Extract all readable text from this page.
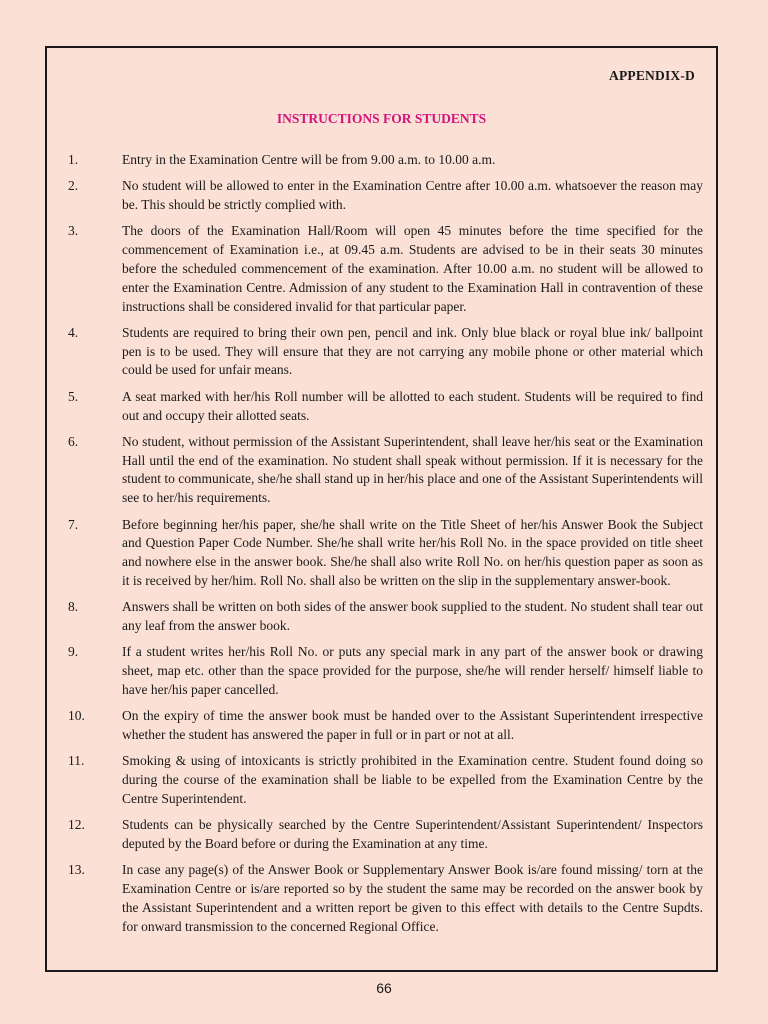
APPENDIX-D
INSTRUCTIONS FOR STUDENTS
1.	Entry in the Examination Centre will be from 9.00 a.m. to 10.00 a.m.
2.	No student will be allowed to enter in the Examination Centre after 10.00 a.m. whatsoever the reason may be. This should be strictly complied with.
3.	The doors of the Examination Hall/Room will open 45 minutes before the time specified for the commencement of Examination i.e., at 09.45 a.m. Students are advised to be in their seats 30 minutes before the scheduled commencement of the examination. After 10.00 a.m. no student will be allowed to enter the Examination Centre. Admission of any student to the Examination Hall in contravention of these instructions shall be considered invalid for that particular paper.
4.	Students are required to bring their own pen, pencil and ink. Only blue black or royal blue ink/ ballpoint pen is to be used. They will ensure that they are not carrying any mobile phone or other material which could be used for unfair means.
5.	A seat marked with her/his Roll number will be allotted to each student. Students will be required to find out and occupy their allotted seats.
6.	No student, without permission of the Assistant Superintendent, shall leave her/his seat or the Examination Hall until the end of the examination. No student shall speak without permission. If it is necessary for the student to communicate, she/he shall stand up in her/his place and one of the Assistant Superintendents will see to her/his requirements.
7.	Before beginning her/his paper, she/he shall write on the Title Sheet of her/his Answer Book the Subject and Question Paper Code Number. She/he shall write her/his Roll No. in the space provided on title sheet and nowhere else in the answer book. She/he shall also write Roll No. on her/his question paper as soon as it is received by her/him. Roll No. shall also be written on the slip in the supplementary answer-book.
8.	Answers shall be written on both sides of the answer book supplied to the student. No student shall tear out any leaf from the answer book.
9.	If a student writes her/his Roll No. or puts any special mark in any part of the answer book or drawing sheet, map etc. other than the space provided for the purpose, she/he will render herself/ himself liable to have her/his paper cancelled.
10.	On the expiry of time the answer book must be handed over to the Assistant Superintendent irrespective whether the student has answered the paper in full or in part or not at all.
11.	Smoking & using of intoxicants is strictly prohibited in the Examination centre. Student found doing so during the course of the examination shall be liable to be expelled from the Examination Centre by the Centre Superintendent.
12.	Students can be physically searched by the Centre Superintendent/Assistant Superintendent/ Inspectors deputed by the Board before or during the Examination at any time.
13.	In case any page(s) of the Answer Book or Supplementary Answer Book is/are found missing/ torn at the Examination Centre or is/are reported so by the student the same may be recorded on the answer book by the Assistant Superintendent and a written report be given to this effect with details to the Centre Supdts. for onward transmission to the concerned Regional Office.
66
